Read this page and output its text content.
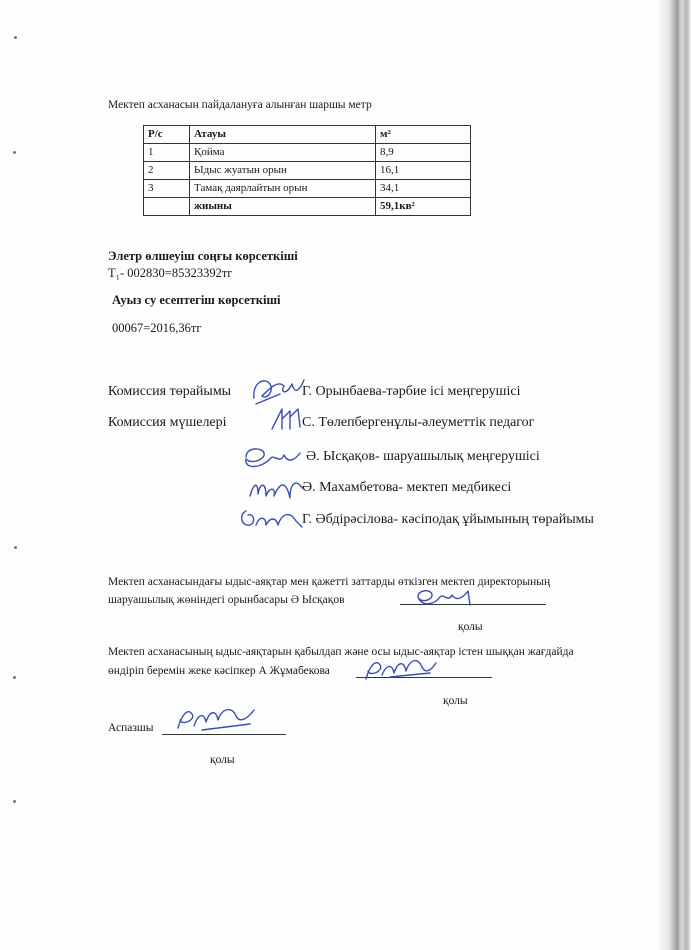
Мектеп асханасын пайдалануға алынған шаршы метр
Р/с	Атауы	м²
1	Қойма	8,9
2	Ыдыс жуатын орын	16,1
3	Тамақ даярлайтын орын	34,1
	жиыны	59,1кв²
Элетр өлшеуіш соңғы көрсеткіші
T₁- 002830=85323392тг
Ауыз су есептегіш көрсеткіші
00067=2016,36тг
Комиссия төрайымы	Г. Орынбаева-тәрбие ісі меңгерушісі
Комиссия мүшелері	С. Төлепбергенұлы-әлеуметтік педагог
Ә. Ысқақов- шаруашылық меңгерушісі
Ә. Махамбетова- мектеп медбикесі
Г. Әбдірәсілова- кәсіподақ ұйымының төрайымы
Мектеп асханасындағы ыдыс-аяқтар мен қажетті заттарды өткізген мектеп директорының
шаруашылық жөніндегі орынбасары Ә Ысқақов
қолы
Мектеп асханасының ыдыс-аяқтарын қабылдап және осы ыдыс-аяқтар істен шыққан жағдайда
өндіріп беремін жеке кәсіпкер А Жұмабекова
қолы
Аспазшы
қолы
